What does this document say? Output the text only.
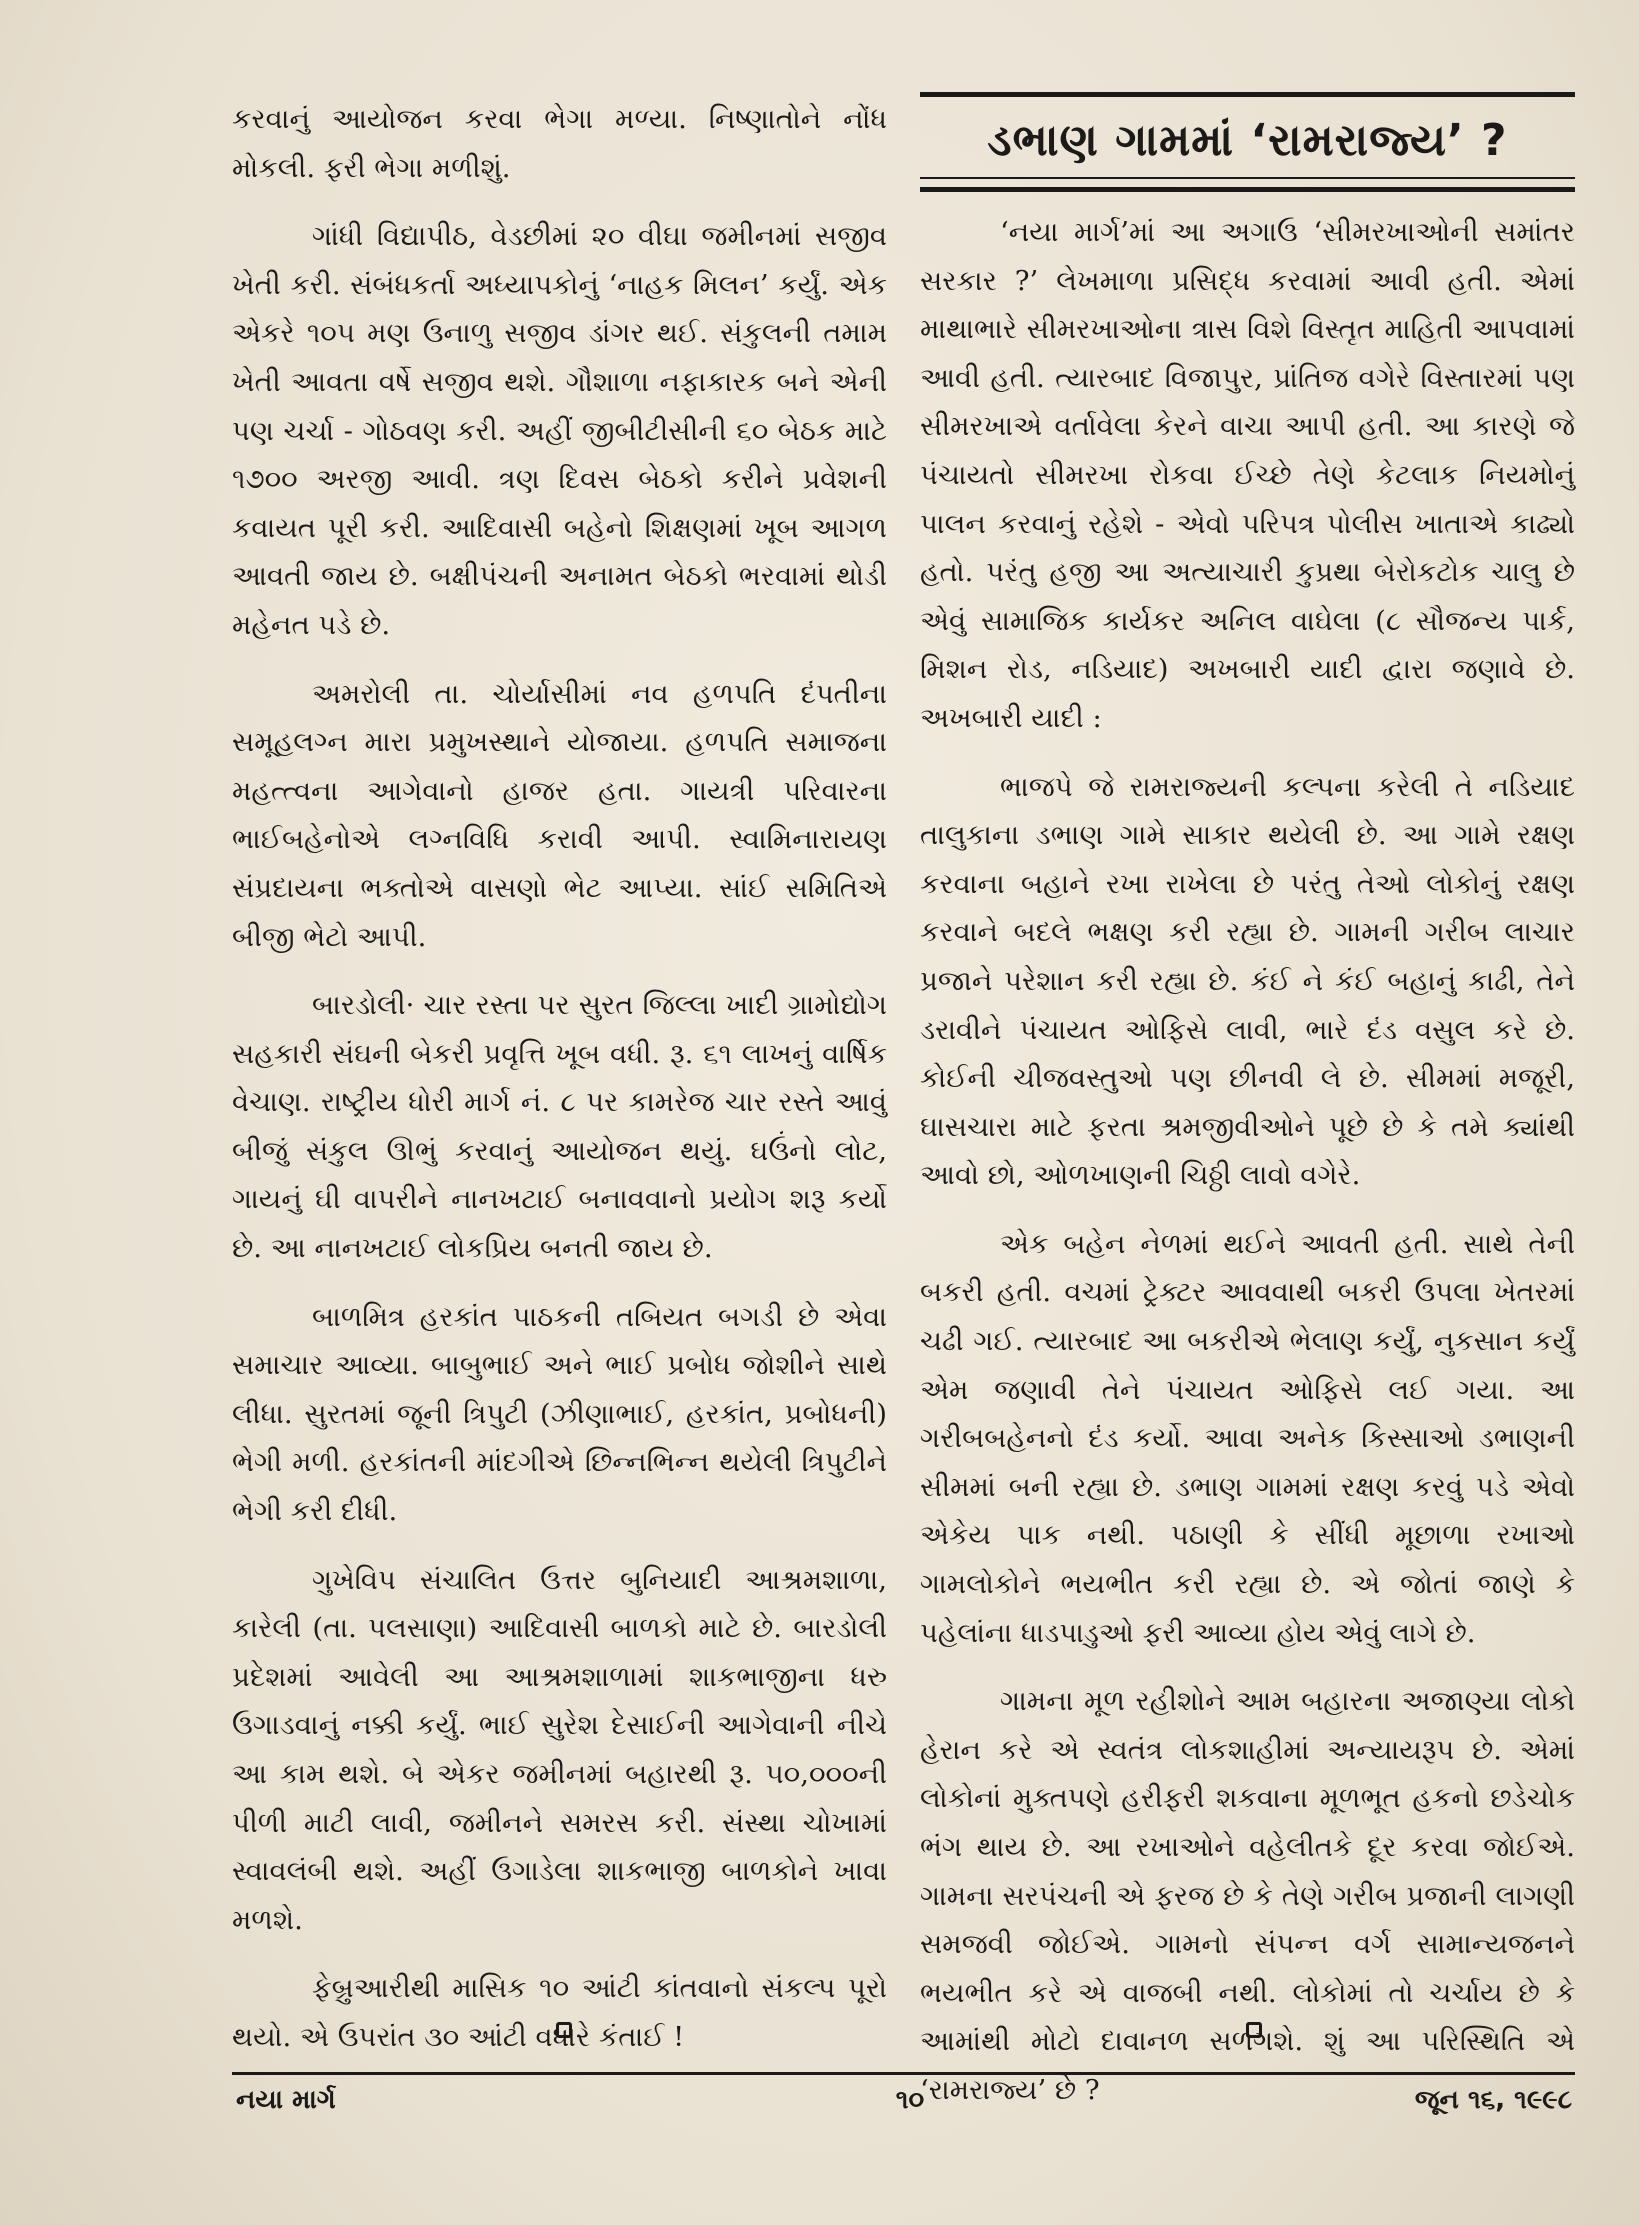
કરવાનું આયોજન કરવા ભેગા મળ્યા. નિષ્ણાતોને નોંધ મોકલી. ફરી ભેગા મળીશું.

ગાંધી વિદ્યાપીઠ, વેડછીમાં ૨૦ વીઘા જમીનમાં સજીવ ખેતી કરી. સંબંધકર્તા અધ્યાપકોનું ‘નાહક મિલન’ કર્યું. એક એકરે ૧૦૫ મણ ઉનાળુ સજીવ ડાંગર થઈ. સંકુલની તમામ ખેતી આવતા વર્ષે સજીવ થશે. ગૌશાળા નફાકારક બને એની પણ ચર્ચા - ગોઠવણ કરી. અહીં જીબીટીસીની ૬૦ બેઠક માટે ૧૭૦૦ અરજી આવી. ત્રણ દિવસ બેઠકો કરીને પ્રવેશની કવાયત પૂરી કરી. આદિવાસી બહેનો શિક્ષણમાં ખૂબ આગળ આવતી જાય છે. બક્ષીપંચની અનામત બેઠકો ભરવામાં થોડી મહેનત પડે છે.

અમરોલી તા. ચોર્યાસીમાં નવ હળપતિ દંપતીના સમૂહલગ્ન મારા પ્રમુખસ્થાને યોજાયા. હળપતિ સમાજના મહત્ત્વના આગેવાનો હાજર હતા. ગાયત્રી પરિવારના ભાઈબહેનોએ લગ્નવિધિ કરાવી આપી. સ્વામિનારાયણ સંપ્રદાયના ભક્તોએ વાસણો ભેટ આપ્યા. સાંઈ સમિતિએ બીજી ભેટો આપી.

બારડોલી· ચાર રસ્તા પર સુરત જિલ્લા ખાદી ગ્રામોદ્યોગ સહકારી સંઘની બેકરી પ્રવૃત્તિ ખૂબ વધી. રૂ. ૬૧ લાખનું વાર્ષિક વેચાણ. રાષ્ટ્રીય ધોરી માર્ગ નં. ૮ પર કામરેજ ચાર રસ્તે આવું બીજું સંકુલ ઊભું કરવાનું આયોજન થયું. ઘઉંનો લોટ, ગાયનું ઘી વાપરીને નાનખટાઈ બનાવવાનો પ્રયોગ શરૂ કર્યો છે. આ નાનખટાઈ લોકપ્રિય બનતી જાય છે.

બાળમિત્ર હરકાંત પાઠકની તબિયત બગડી છે એવા સમાચાર આવ્યા. બાબુભાઈ અને ભાઈ પ્રબોધ જોશીને સાથે લીધા. સુરતમાં જૂની ત્રિપુટી (ઝીણાભાઈ, હરકાંત, પ્રબોધની) ભેગી મળી. હરકાંતની માંદગીએ છિન્નભિન્ન થયેલી ત્રિપુટીને ભેગી કરી દીધી.

ગુખેવિપ સંચાલિત ઉત્તર બુનિયાદી આશ્રમશાળા, કારેલી (તા. પલસાણા) આદિવાસી બાળકો માટે છે. બારડોલી પ્રદેશમાં આવેલી આ આશ્રમશાળામાં શાકભાજીના ધરુ ઉગાડવાનું નક્કી કર્યું. ભાઈ સુરેશ દેસાઈની આગેવાની નીચે આ કામ થશે. બે એકર જમીનમાં બહારથી રૂ. ૫૦,૦૦૦ની પીળી માટી લાવી, જમીનને સમરસ કરી. સંસ્થા ચોખામાં સ્વાવલંબી થશે. અહીં ઉગાડેલા શાકભાજી બાળકોને ખાવા મળશે.

ફેબ્રુઆરીથી માસિક ૧૦ આંટી કાંતવાનો સંકલ્પ પૂરો થયો. એ ઉપરાંત ૩૦ આંટી વધારે કંતાઈ !

ડભાણ ગામમાં ‘રામરાજ્ય’ ?

‘નયા માર્ગ’માં આ અગાઉ ‘સીમરખાઓની સમાંતર સરકાર ?’ લેખમાળા પ્રસિદ્ધ કરવામાં આવી હતી. એમાં માથાભારે સીમરખાઓના ત્રાસ વિશે વિસ્તૃત માહિતી આપવામાં આવી હતી. ત્યારબાદ વિજાપુર, પ્રાંતિજ વગેરે વિસ્તારમાં પણ સીમરખાએ વર્તાવેલા કેરને વાચા આપી હતી. આ કારણે જે પંચાયતો સીમરખા રોકવા ઈચ્છે તેણે કેટલાક નિયમોનું પાલન કરવાનું રહેશે - એવો પરિપત્ર પોલીસ ખાતાએ કાઢ્યો હતો. પરંતુ હજી આ અત્યાચારી કુપ્રથા બેરોકટોક ચાલુ છે એવું સામાજિક કાર્યકર અનિલ વાઘેલા (૮ સૌજન્ય પાર્ક, મિશન રોડ, નડિયાદ) અખબારી યાદી દ્વારા જણાવે છે. અખબારી યાદી :

ભાજપે જે રામરાજ્યની કલ્પના કરેલી તે નડિયાદ તાલુકાના ડભાણ ગામે સાકાર થયેલી છે. આ ગામે રક્ષણ કરવાના બહાને રખા રાખેલા છે પરંતુ તેઓ લોકોનું રક્ષણ કરવાને બદલે ભક્ષણ કરી રહ્યા છે. ગામની ગરીબ લાચાર પ્રજાને પરેશાન કરી રહ્યા છે. કંઈ ને કંઈ બહાનું કાઢી, તેને ડરાવીને પંચાયત ઓફિસે લાવી, ભારે દંડ વસુલ કરે છે. કોઈની ચીજવસ્તુઓ પણ છીનવી લે છે. સીમમાં મજૂરી, ઘાસચારા માટે ફરતા શ્રમજીવીઓને પૂછે છે કે તમે ક્યાંથી આવો છો, ઓળખાણની ચિઠ્ઠી લાવો વગેરે.

એક બહેન નેળમાં થઈને આવતી હતી. સાથે તેની બકરી હતી. વચમાં ટ્રેક્ટર આવવાથી બકરી ઉપલા ખેતરમાં ચઢી ગઈ. ત્યારબાદ આ બકરીએ ભેલાણ કર્યું, નુકસાન કર્યું એમ જણાવી તેને પંચાયત ઓફિસે લઈ ગયા. આ ગરીબબહેનનો દંડ કર્યો. આવા અનેક કિસ્સાઓ ડભાણની સીમમાં બની રહ્યા છે. ડભાણ ગામમાં રક્ષણ કરવું પડે એવો એકેય પાક નથી. પઠાણી કે સીંધી મૂછાળા રખાઓ ગામલોકોને ભયભીત કરી રહ્યા છે. એ જોતાં જાણે કે પહેલાંના ધાડપાડુઓ ફરી આવ્યા હોય એવું લાગે છે.

ગામના મૂળ રહીશોને આમ બહારના અજાણ્યા લોકો હેરાન કરે એ સ્વતંત્ર લોકશાહીમાં અન્યાયરૂપ છે. એમાં લોકોનાં મુક્તપણે હરીફરી શકવાના મૂળભૂત હકનો છડેચોક ભંગ થાય છે. આ રખાઓને વહેલીતકે દૂર કરવા જોઈએ. ગામના સરપંચની એ ફરજ છે કે તેણે ગરીબ પ્રજાની લાગણી સમજવી જોઈએ. ગામનો સંપન્ન વર્ગ સામાન્યજનને ભયભીત કરે એ વાજબી નથી. લોકોમાં તો ચર્ચાય છે કે આમાંથી મોટો દાવાનળ સળગશે. શું આ પરિસ્થિતિ એ ‘રામરાજ્ય’ છે ?

નયા માર્ગ	૧૦	જૂન ૧૬, ૧૯૯૮
